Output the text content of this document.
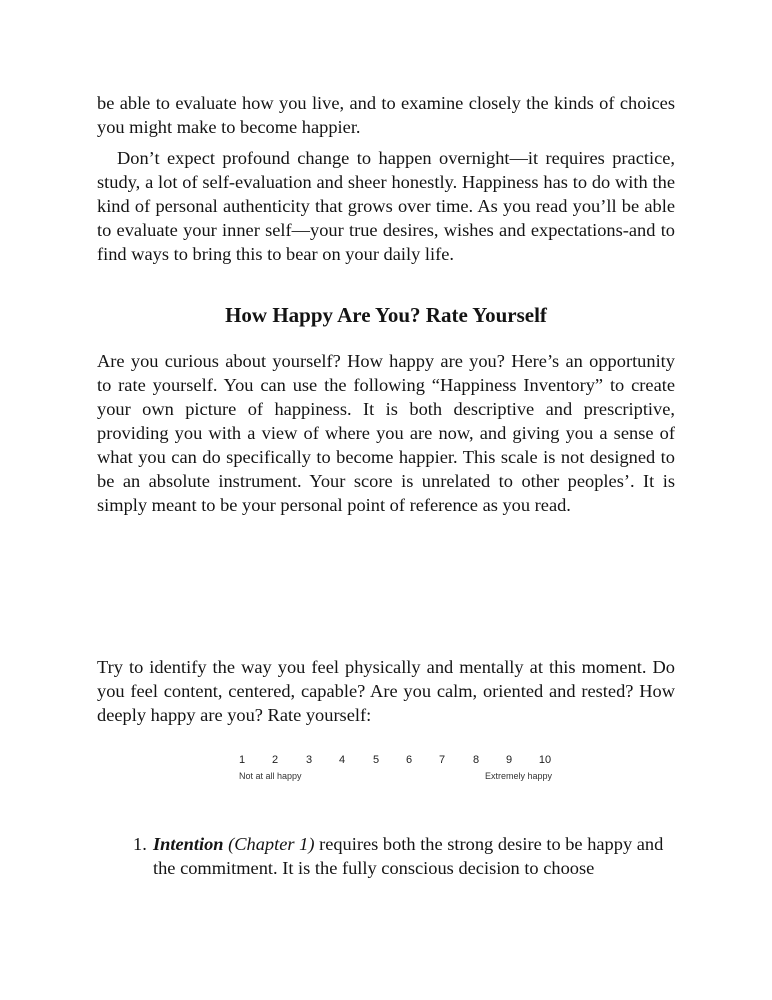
be able to evaluate how you live, and to examine closely the kinds of choices you might make to become happier.

Don’t expect profound change to happen overnight—it requires practice, study, a lot of self-evaluation and sheer honestly. Happiness has to do with the kind of personal authenticity that grows over time. As you read you’ll be able to evaluate your inner self—your true desires, wishes and expectations-and to find ways to bring this to bear on your daily life.

How Happy Are You? Rate Yourself

Are you curious about yourself? How happy are you? Here’s an opportunity to rate yourself. You can use the following “Happiness Inventory” to create your own picture of happiness. It is both descriptive and prescriptive, providing you with a view of where you are now, and giving you a sense of what you can do specifically to become happier. This scale is not designed to be an absolute instrument. Your score is unrelated to other peoples’. It is simply meant to be your personal point of reference as you read.

Try to identify the way you feel physically and mentally at this moment. Do you feel content, centered, capable? Are you calm, oriented and rested? How deeply happy are you? Rate yourself:

1 2	3 4	5 6 7	8 9 10
Not at all happy	Extremely happy

1. Intention (Chapter 1) requires both the strong desire to be happy and the commitment. It is the fully conscious decision to choose
